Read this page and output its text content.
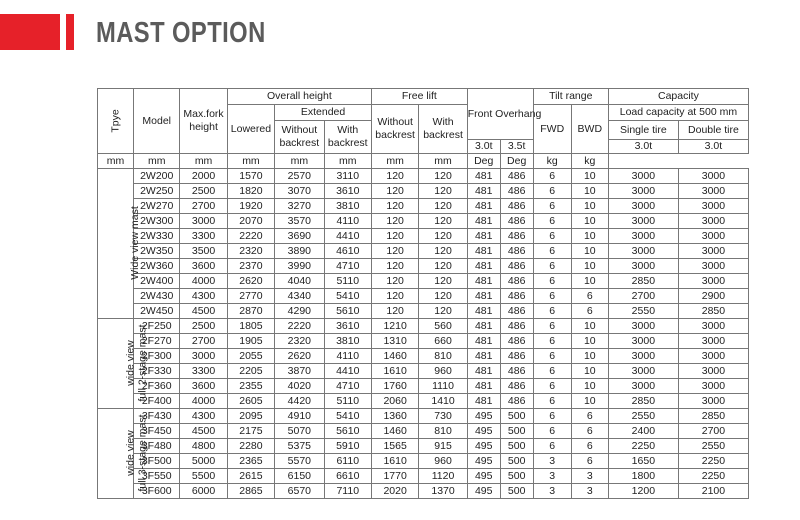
MAST OPTION
Tpye	Model	Max.fork height	Overall height			Free lift		Front Overhang		Tilt range		Capacity	
			Lowered	Extended		Without backrest	With backrest			FWD	BWD	Load capacity at 500 mm	
				Without backrest	With backrest							Single tire	Double tire
								3.0t	3.5t			3.0t	3.0t
mm	mm	mm	mm	mm	mm	mm	mm	Deg	Deg	kg	kg		
Wide view mast	2W200	2000	1570	2570	3110	120	120	481	486	6	10	3000	3000
	2W250	2500	1820	3070	3610	120	120	481	486	6	10	3000	3000
	2W270	2700	1920	3270	3810	120	120	481	486	6	10	3000	3000
	2W300	3000	2070	3570	4110	120	120	481	486	6	10	3000	3000
	2W330	3300	2220	3690	4410	120	120	481	486	6	10	3000	3000
	2W350	3500	2320	3890	4610	120	120	481	486	6	10	3000	3000
	2W360	3600	2370	3990	4710	120	120	481	486	6	10	3000	3000
	2W400	4000	2620	4040	5110	120	120	481	486	6	10	2850	3000
	2W430	4300	2770	4340	5410	120	120	481	486	6	6	2700	2900
	2W450	4500	2870	4290	5610	120	120	481	486	6	6	2550	2850
wide view
full 2-stage mast	2F250	2500	1805	2220	3610	1210	560	481	486	6	10	3000	3000
	2F270	2700	1905	2320	3810	1310	660	481	486	6	10	3000	3000
	2F300	3000	2055	2620	4110	1460	810	481	486	6	10	3000	3000
	2F330	3300	2205	3870	4410	1610	960	481	486	6	10	3000	3000
	2F360	3600	2355	4020	4710	1760	1110	481	486	6	10	3000	3000
	2F400	4000	2605	4420	5110	2060	1410	481	486	6	10	2850	3000
wide view
full 3-stage mast	3F430	4300	2095	4910	5410	1360	730	495	500	6	6	2550	2850
	3F450	4500	2175	5070	5610	1460	810	495	500	6	6	2400	2700
	3F480	4800	2280	5375	5910	1565	915	495	500	6	6	2250	2550
	3F500	5000	2365	5570	6110	1610	960	495	500	3	6	1650	2250
	3F550	5500	2615	6150	6610	1770	1120	495	500	3	3	1800	2250
	3F600	6000	2865	6570	7110	2020	1370	495	500	3	3	1200	2100
